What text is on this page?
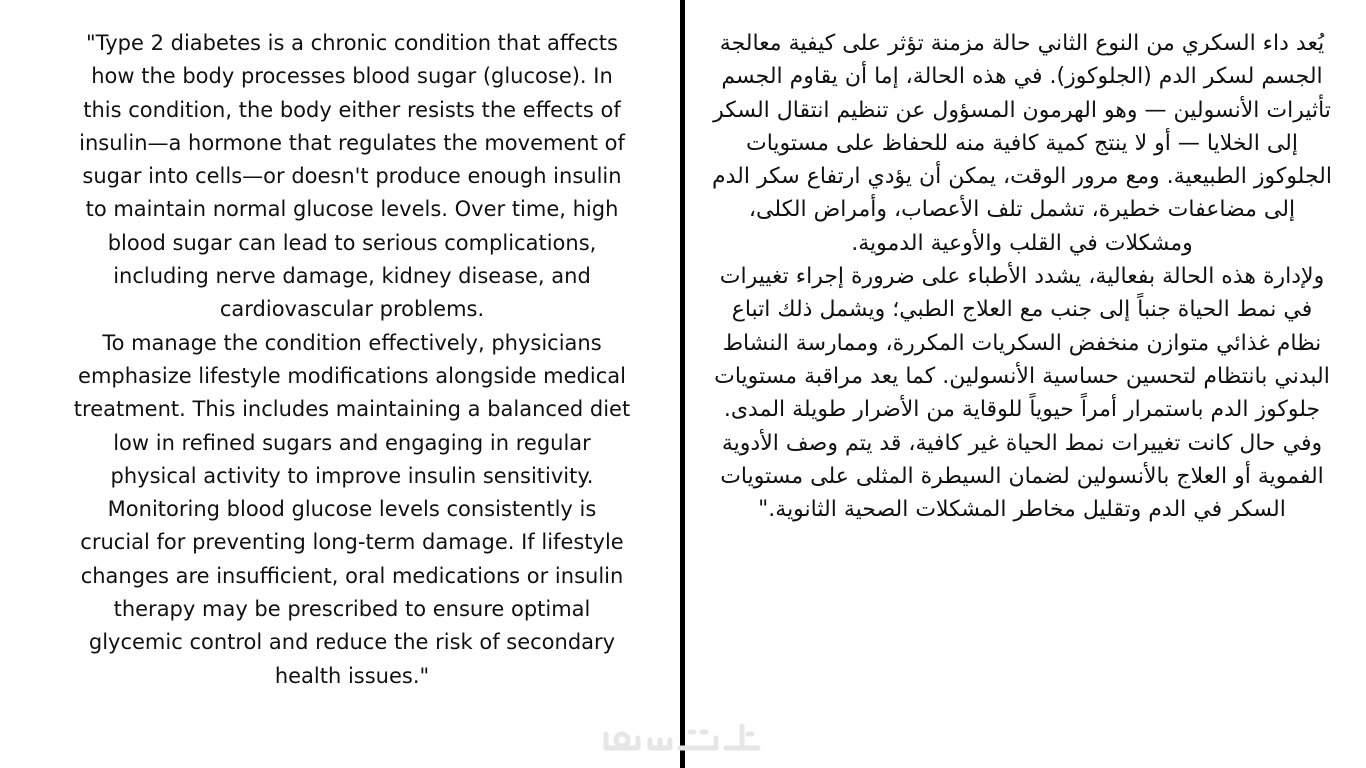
"Type 2 diabetes is a chronic condition that affects how the body processes blood sugar (glucose). In this condition, the body either resists the effects of insulin—a hormone that regulates the movement of sugar into cells—or doesn't produce enough insulin to maintain normal glucose levels. Over time, high blood sugar can lead to serious complications, including nerve damage, kidney disease, and cardiovascular problems.

To manage the condition effectively, physicians emphasize lifestyle modifications alongside medical treatment. This includes maintaining a balanced diet low in refined sugars and engaging in regular physical activity to improve insulin sensitivity. Monitoring blood glucose levels consistently is crucial for preventing long-term damage. If lifestyle changes are insufficient, oral medications or insulin therapy may be prescribed to ensure optimal glycemic control and reduce the risk of secondary health issues."

يُعد داء السكري من النوع الثاني حالة مزمنة تؤثر على كيفية معالجة الجسم لسكر الدم (الجلوكوز). في هذه الحالة، إما أن يقاوم الجسم تأثيرات الأنسولين — وهو الهرمون المسؤول عن تنظيم انتقال السكر إلى الخلايا — أو لا ينتج كمية كافية منه للحفاظ على مستويات الجلوكوز الطبيعية. ومع مرور الوقت، يمكن أن يؤدي ارتفاع سكر الدم إلى مضاعفات خطيرة، تشمل تلف الأعصاب، وأمراض الكلى، ومشكلات في القلب والأوعية الدموية.

ولإدارة هذه الحالة بفعالية، يشدد الأطباء على ضرورة إجراء تغييرات في نمط الحياة جنباً إلى جنب مع العلاج الطبي؛ ويشمل ذلك اتباع نظام غذائي متوازن منخفض السكريات المكررة، وممارسة النشاط البدني بانتظام لتحسين حساسية الأنسولين. كما يعد مراقبة مستويات جلوكوز الدم باستمرار أمراً حيوياً للوقاية من الأضرار طويلة المدى. وفي حال كانت تغييرات نمط الحياة غير كافية، قد يتم وصف الأدوية الفموية أو العلاج بالأنسولين لضمان السيطرة المثلى على مستويات السكر في الدم وتقليل مخاطر المشكلات الصحية الثانوية."
